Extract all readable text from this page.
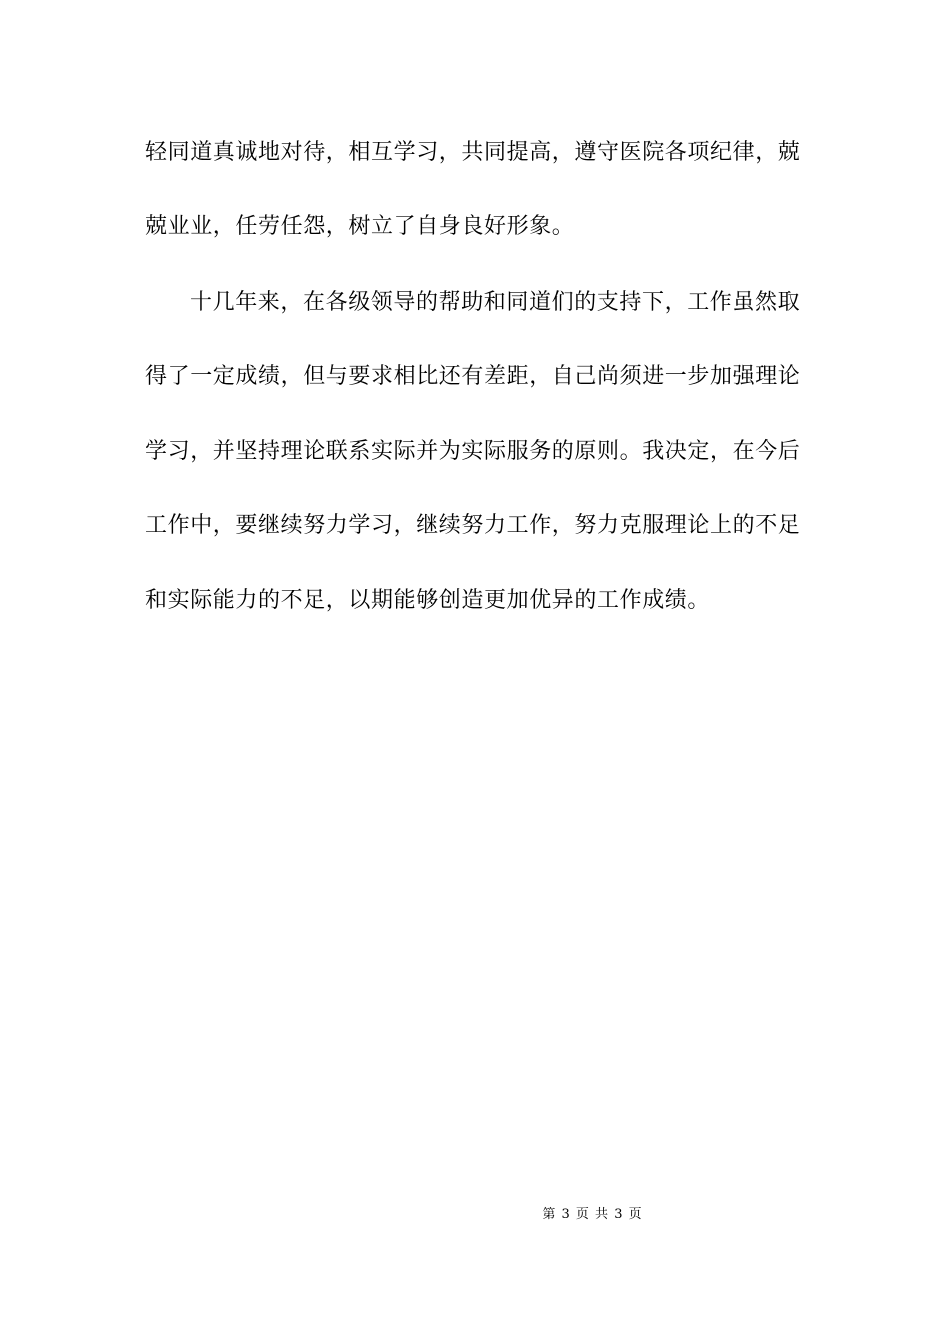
轻同道真诚地对待，相互学习，共同提高，遵守医院各项纪律，兢
兢业业，任劳任怨，树立了自身良好形象。
十几年来，在各级领导的帮助和同道们的支持下，工作虽然取
得了一定成绩，但与要求相比还有差距，自己尚须进一步加强理论
学习，并坚持理论联系实际并为实际服务的原则。我决定，在今后
工作中，要继续努力学习，继续努力工作，努力克服理论上的不足
和实际能力的不足，以期能够创造更加优异的工作成绩。
第 3 页 共 3 页
